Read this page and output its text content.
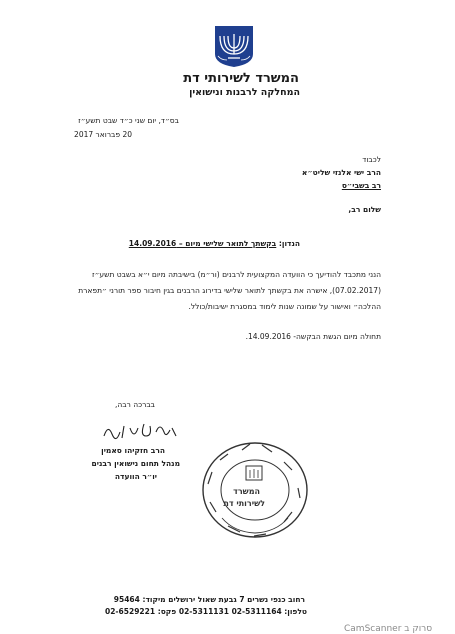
המשרד לשירותי דת
המחלקה לרבנות ונישואין
בס״ד, יום שני כ״ד שבט תשע״ז
20 פברואר 2017
לכבוד
הרב ישי אלנזי שליט״א
רב בשבי״ס
שלום רב,
הנדון: בקשתך לתואר שלישי מיום – 14.09.2016
הנני מתכבד להודיעך כי הוועדה המקצועית לרבנים (ור״מ) בישיבתה מיום י״א בשבט תשע״ז
(07.02.2017), אישרה את בקשתך לתואר שלישי בדירוג הרבנים בגין חיבור ספר תורני ״תפארת
ההלכה״ ואישור על שמונה שנות לימוד במסגרת ישיבות/כולל.
תחולה מיום הגשת הבקשה- 14.09.2016.
בברכה רבה,
הרב חזקיהו סאמין
מנהל תחום נישואין רבנים
יו״ר הוועדה
המשרד
לשירותי דת
רחוב כנפי נשרים 7 גבעת שאול ירושלים מיקוד: 95464
טלפון: 02-5311164 02-5311131 פקס: 02-6529221
CamScanner סרוק ב
